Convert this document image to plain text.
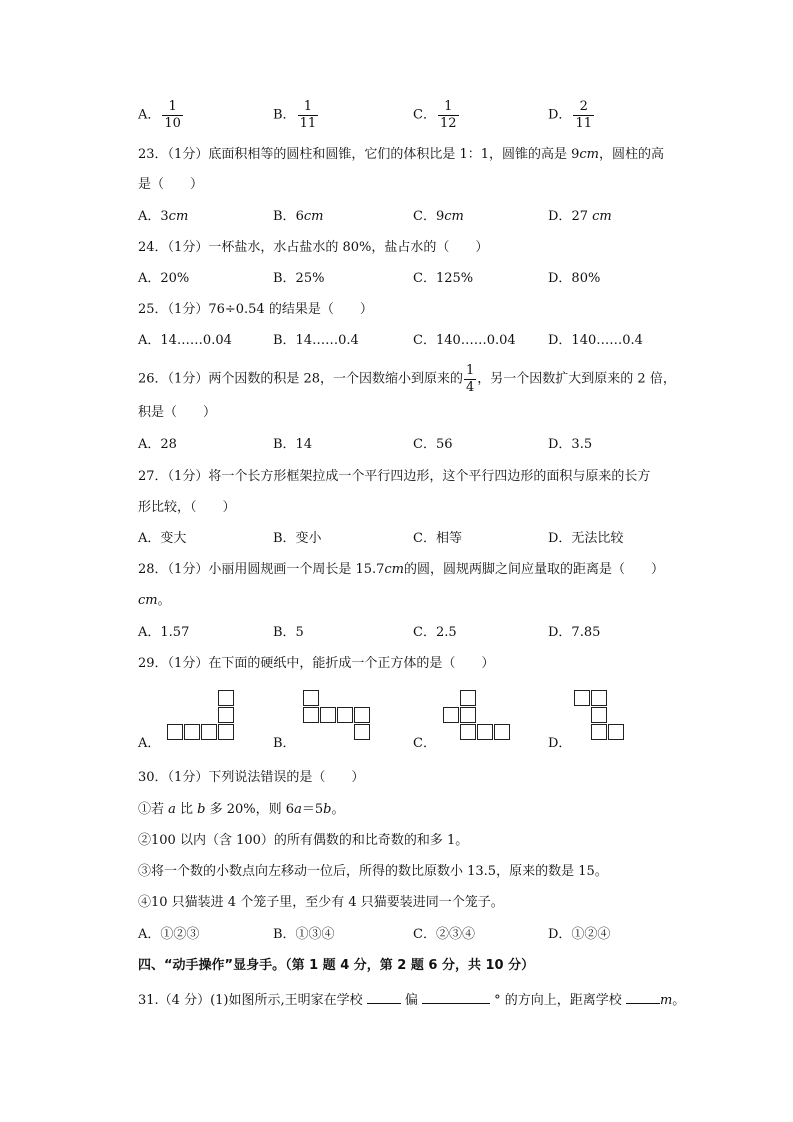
A． $\frac{1}{10}$	B． $\frac{1}{11}$	C． $\frac{1}{12}$	D． $\frac{2}{11}$
23．（1分）底面积相等的圆柱和圆锥，它们的体积比是 1：1，圆锥的高是 9cm，圆柱的高
是（　　）
A．3cm	B．6cm	C．9cm	D．27 cm
24．（1分）一杯盐水，水占盐水的 80%，盐占水的（　　）
A．20%	B．25%	C．125%	D．80%
25．（1分）76÷0.54 的结果是（　　）
A．14……0.04	B．14……0.4	C．140……0.04 D．140……0.4
26．（1分）两个因数的积是 28，一个因数缩小到原来的 $\frac{1}{4}$ ，另一个因数扩大到原来的 2 倍，
积是（　　）
A．28	B．14	C．56	D．3.5
27．（1分）将一个长方形框架拉成一个平行四边形，这个平行四边形的面积与原来的长方
形比较，（　　）
A．变大	B．变小	C．相等	D．无法比较
28．（1分）小丽用圆规画一个周长是 15.7cm的圆，圆规两脚之间应量取的距离是（　　）
cm。
A．1.57	B．5	C．2.5	D．7.85
29．（1分）在下面的硬纸中，能折成一个正方体的是（　　）
A．	B．	C．	D．
30．（1分）下列说法错误的是（　　）
①若 a 比 b 多 20%，则 6a＝5b。
②100 以内（含 100）的所有偶数的和比奇数的和多 1。
③将一个数的小数点向左移动一位后，所得的数比原数小 13.5，原来的数是 15。
④10 只猫装进 4 个笼子里，至少有 4 只猫要装进同一个笼子。
A．①②③	B．①③④	C．②③④	D．①②④
四、“动手操作”显身手。（第 1 题 4 分，第 2 题 6 分，共 10 分）
31.（4 分）(1)如图所示,王明家在学校	偏	° 的方向上，距离学校	m。
